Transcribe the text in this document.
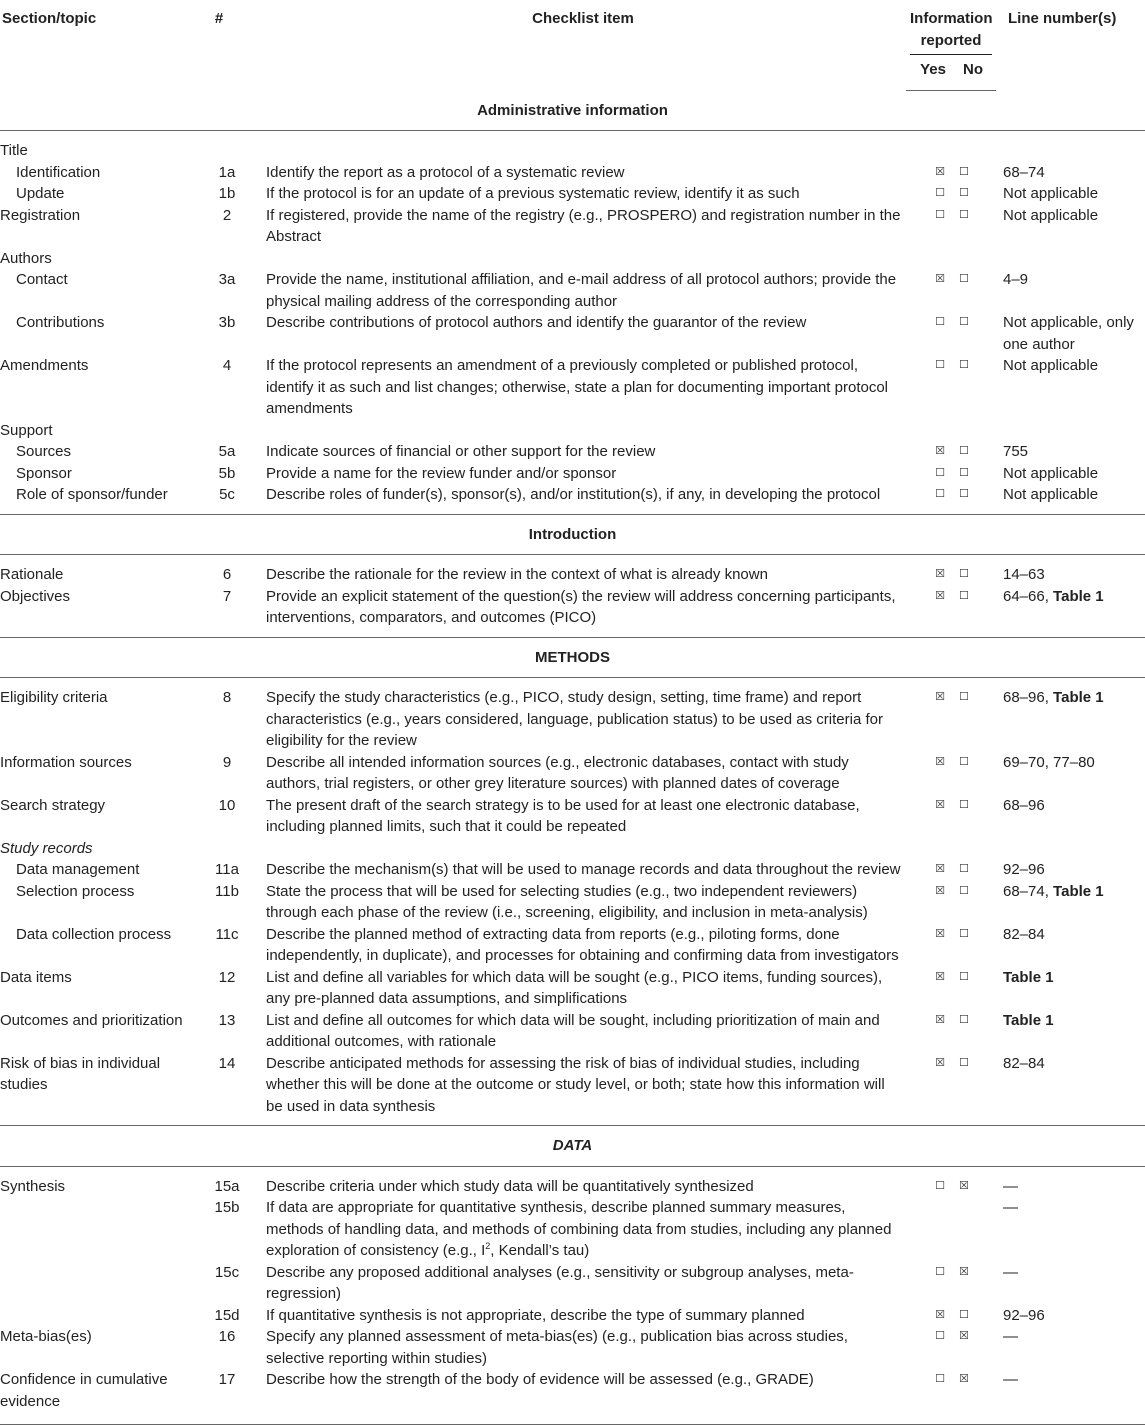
Section/topic	#	Checklist item	Information reported		Line number(s)
			Yes	No	
Administrative information					
Title					
Identification	1a	Identify the report as a protocol of a systematic review	☒	☐	68–74
Update	1b	If the protocol is for an update of a previous systematic review, identify it as such	☐	☐	Not applicable
Registration	2	If registered, provide the name of the registry (e.g., PROSPERO) and registration number in the Abstract	☐	☐	Not applicable
Authors					
Contact	3a	Provide the name, institutional affiliation, and e-mail address of all protocol authors; provide the physical mailing address of the corresponding author	☒	☐	4–9
Contributions	3b	Describe contributions of protocol authors and identify the guarantor of the review	☐	☐	Not applicable, only one author
Amendments	4	If the protocol represents an amendment of a previously completed or published protocol, identify it as such and list changes; otherwise, state a plan for documenting important protocol amendments	☐	☐	Not applicable
Support					
Sources	5a	Indicate sources of financial or other support for the review	☒	☐	755
Sponsor	5b	Provide a name for the review funder and/or sponsor	☐	☐	Not applicable
Role of sponsor/funder	5c	Describe roles of funder(s), sponsor(s), and/or institution(s), if any, in developing the protocol	☐	☐	Not applicable
Introduction					
Rationale	6	Describe the rationale for the review in the context of what is already known	☒	☐	14–63
Objectives	7	Provide an explicit statement of the question(s) the review will address concerning participants, interventions, comparators, and outcomes (PICO)	☒	☐	64–66, Table 1
METHODS					
Eligibility criteria	8	Specify the study characteristics (e.g., PICO, study design, setting, time frame) and report characteristics (e.g., years considered, language, publication status) to be used as criteria for eligibility for the review	☒	☐	68–96, Table 1
Information sources	9	Describe all intended information sources (e.g., electronic databases, contact with study authors, trial registers, or other grey literature sources) with planned dates of coverage	☒	☐	69–70, 77–80
Search strategy	10	The present draft of the search strategy is to be used for at least one electronic database, including planned limits, such that it could be repeated	☒	☐	68–96
Study records					
Data management	11a	Describe the mechanism(s) that will be used to manage records and data throughout the review	☒	☐	92–96
Selection process	11b	State the process that will be used for selecting studies (e.g., two independent reviewers) through each phase of the review (i.e., screening, eligibility, and inclusion in meta-analysis)	☒	☐	68–74, Table 1
Data collection process	11c	Describe the planned method of extracting data from reports (e.g., piloting forms, done independently, in duplicate), and processes for obtaining and confirming data from investigators	☒	☐	82–84
Data items	12	List and define all variables for which data will be sought (e.g., PICO items, funding sources), any pre-planned data assumptions, and simplifications	☒	☐	Table 1
Outcomes and prioritization	13	List and define all outcomes for which data will be sought, including prioritization of main and additional outcomes, with rationale	☒	☐	Table 1
Risk of bias in individual studies	14	Describe anticipated methods for assessing the risk of bias of individual studies, including whether this will be done at the outcome or study level, or both; state how this information will be used in data synthesis	☒	☐	82–84
DATA					
Synthesis	15a	Describe criteria under which study data will be quantitatively synthesized	☐	☒	—
	15b	If data are appropriate for quantitative synthesis, describe planned summary measures, methods of handling data, and methods of combining data from studies, including any planned exploration of consistency (e.g., $I^2$, Kendall’s tau)			—
	15c	Describe any proposed additional analyses (e.g., sensitivity or subgroup analyses, meta-regression)	☐	☒	—
	15d	If quantitative synthesis is not appropriate, describe the type of summary planned	☒	☐	92–96
Meta-bias(es)	16	Specify any planned assessment of meta-bias(es) (e.g., publication bias across studies, selective reporting within studies)	☐	☒	—
Confidence in cumulative evidence	17	Describe how the strength of the body of evidence will be assessed (e.g., GRADE)	☐	☒	—
